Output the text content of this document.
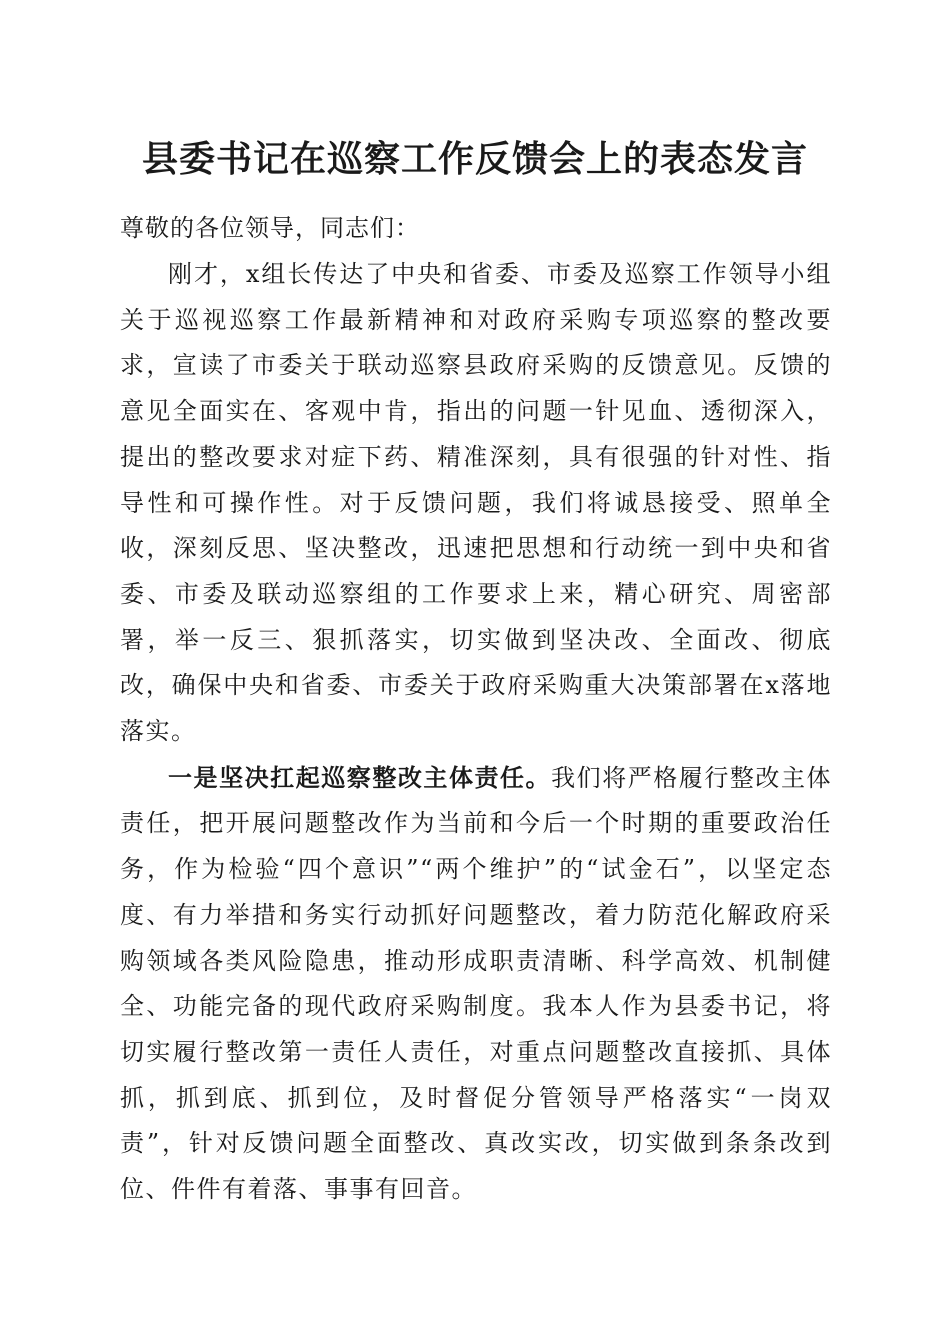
县委书记在巡察工作反馈会上的表态发言

尊敬的各位领导，同志们：

刚才，x组长传达了中央和省委、市委及巡察工作领导小组关于巡视巡察工作最新精神和对政府采购专项巡察的整改要求，宣读了市委关于联动巡察县政府采购的反馈意见。反馈的意见全面实在、客观中肯，指出的问题一针见血、透彻深入，提出的整改要求对症下药、精准深刻，具有很强的针对性、指导性和可操作性。对于反馈问题，我们将诚恳接受、照单全收，深刻反思、坚决整改，迅速把思想和行动统一到中央和省委、市委及联动巡察组的工作要求上来，精心研究、周密部署，举一反三、狠抓落实，切实做到坚决改、全面改、彻底改，确保中央和省委、市委关于政府采购重大决策部署在x落地落实。

一是坚决扛起巡察整改主体责任。我们将严格履行整改主体责任，把开展问题整改作为当前和今后一个时期的重要政治任务，作为检验“四个意识”“两个维护”的“试金石”，以坚定态度、有力举措和务实行动抓好问题整改，着力防范化解政府采购领域各类风险隐患，推动形成职责清晰、科学高效、机制健全、功能完备的现代政府采购制度。我本人作为县委书记，将切实履行整改第一责任人责任，对重点问题整改直接抓、具体抓，抓到底、抓到位，及时督促分管领导严格落实“一岗双责”，针对反馈问题全面整改、真改实改，切实做到条条改到位、件件有着落、事事有回音。
